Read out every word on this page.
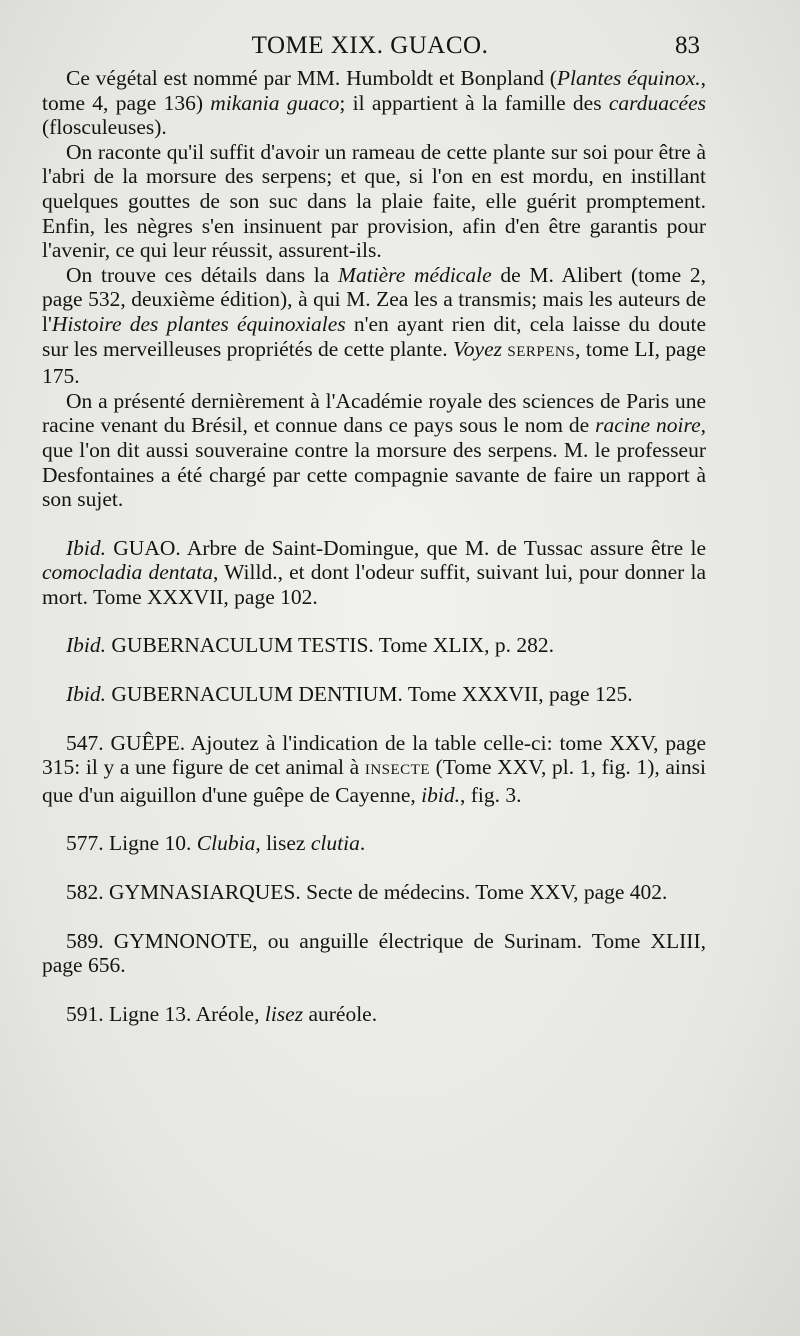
TOME XIX. GUACO.	83

Ce végétal est nommé par MM. Humboldt et Bonpland (Plantes équinox., tome 4, page 136) mikania guaco; il appartient à la famille des carduacées (flosculeuses).

On raconte qu'il suffit d'avoir un rameau de cette plante sur soi pour être à l'abri de la morsure des serpens; et que, si l'on en est mordu, en instillant quelques gouttes de son suc dans la plaie faite, elle guérit promptement. Enfin, les nègres s'en insinuent par provision, afin d'en être garantis pour l'avenir, ce qui leur réussit, assurent-ils.

On trouve ces détails dans la Matière médicale de M. Alibert (tome 2, page 532, deuxième édition), à qui M. Zea les a transmis; mais les auteurs de l'Histoire des plantes équinoxiales n'en ayant rien dit, cela laisse du doute sur les merveilleuses propriétés de cette plante. Voyez SERPENS, tome LI, page 175.

On a présenté dernièrement à l'Académie royale des sciences de Paris une racine venant du Brésil, et connue dans ce pays sous le nom de racine noire, que l'on dit aussi souveraine contre la morsure des serpens. M. le professeur Desfontaines a été chargé par cette compagnie savante de faire un rapport à son sujet.

Ibid. GUAO. Arbre de Saint-Domingue, que M. de Tussac assure être le comocladia dentata, Willd., et dont l'odeur suffit, suivant lui, pour donner la mort. Tome XXXVII, page 102.

Ibid. GUBERNACULUM TESTIS. Tome XLIX, p. 282.

Ibid. GUBERNACULUM DENTIUM. Tome XXXVII, page 125.

547. GUÊPE. Ajoutez à l'indication de la table celle-ci: tome XXV, page 315: il y a une figure de cet animal à INSECTE (Tome XXV, pl. 1, fig. 1), ainsi que d'un aiguillon d'une guêpe de Cayenne, ibid., fig. 3.

577. Ligne 10. Clubia, lisez clutia.

582. GYMNASIARQUES. Secte de médecins. Tome XXV, page 402.

589. GYMNONOTE, ou anguille électrique de Surinam. Tome XLIII, page 656.

591. Ligne 13. Aréole, lisez auréole.
